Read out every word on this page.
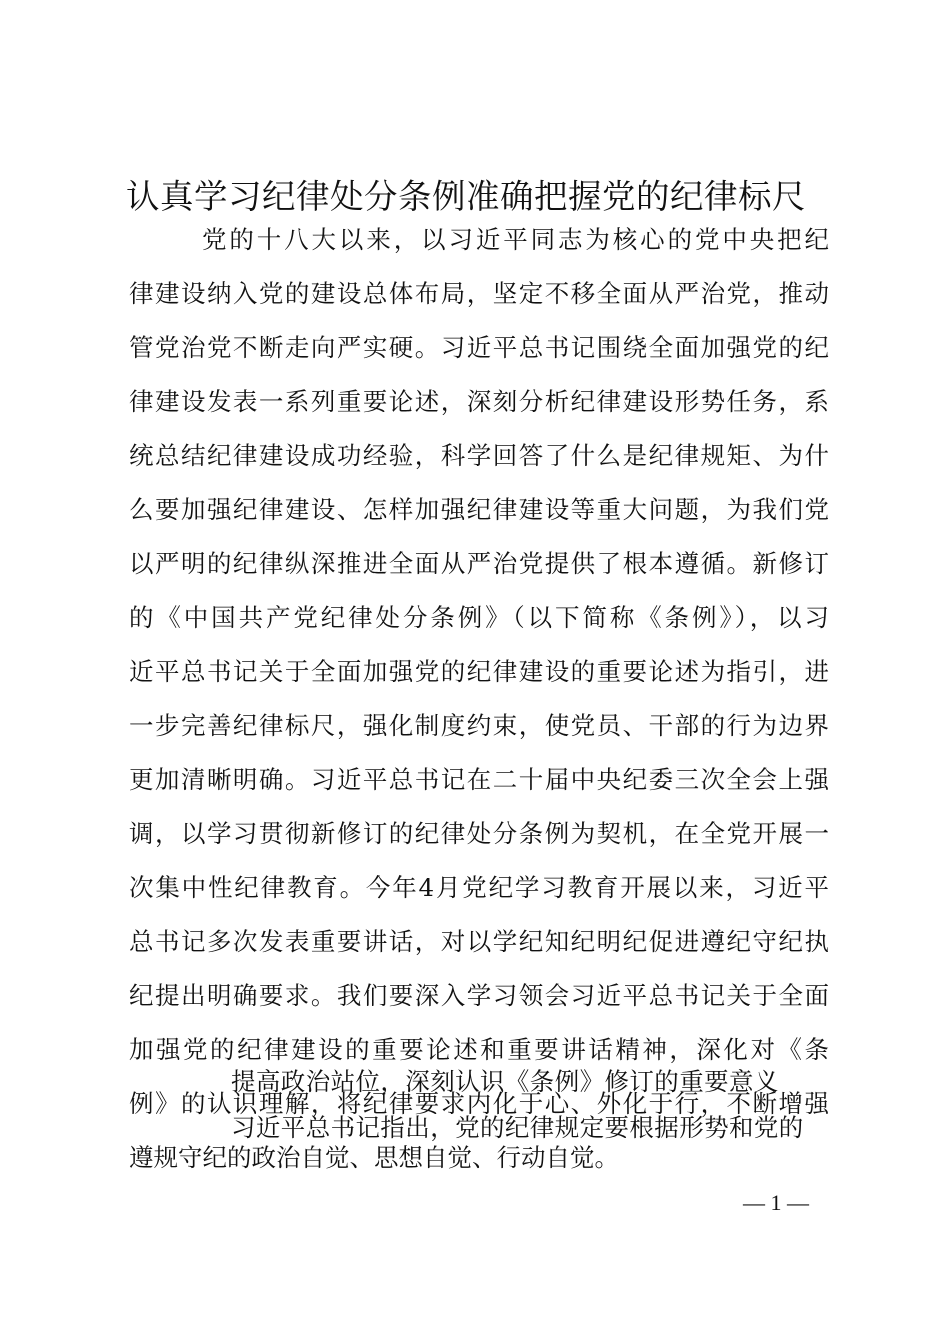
认真学习纪律处分条例准确把握党的纪律标尺
党的十八大以来，以习近平同志为核心的党中央把纪
律建设纳入党的建设总体布局，坚定不移全面从严治党，推动
管党治党不断走向严实硬。习近平总书记围绕全面加强党的纪
律建设发表一系列重要论述，深刻分析纪律建设形势任务，系
统总结纪律建设成功经验，科学回答了什么是纪律规矩、为什
么要加强纪律建设、怎样加强纪律建设等重大问题，为我们党
以严明的纪律纵深推进全面从严治党提供了根本遵循。新修订
的《中国共产党纪律处分条例》（以下简称《条例》），以习
近平总书记关于全面加强党的纪律建设的重要论述为指引，进
一步完善纪律标尺，强化制度约束，使党员、干部的行为边界
更加清晰明确。习近平总书记在二十届中央纪委三次全会上强
调，以学习贯彻新修订的纪律处分条例为契机，在全党开展一
次集中性纪律教育。今年4月党纪学习教育开展以来，习近平
总书记多次发表重要讲话，对以学纪知纪明纪促进遵纪守纪执
纪提出明确要求。我们要深入学习领会习近平总书记关于全面
加强党的纪律建设的重要论述和重要讲话精神，深化对《条
例》的认识理解，将纪律要求内化于心、外化于行，不断增强
遵规守纪的政治自觉、思想自觉、行动自觉。
提高政治站位，深刻认识《条例》修订的重要意义
习近平总书记指出，党的纪律规定要根据形势和党的
— 1 —
